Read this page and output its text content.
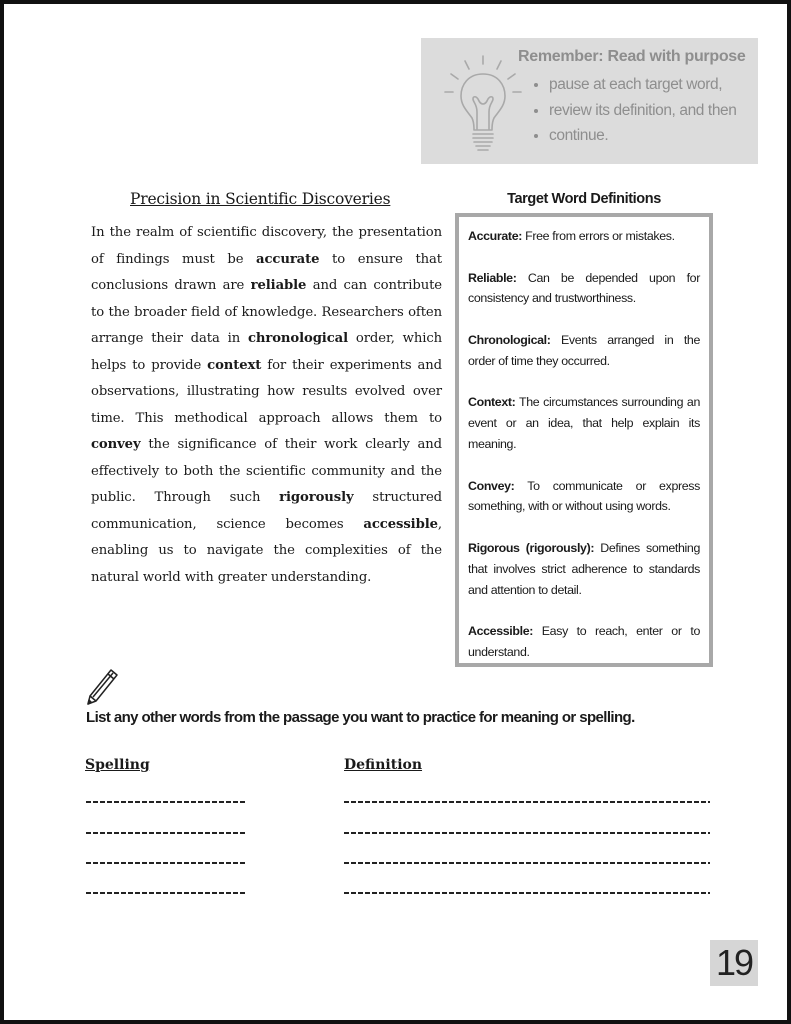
Remember: Read with purpose
• pause at each target word,
• review its definition, and then
• continue.
Precision in Scientific Discoveries
In the realm of scientific discovery, the presentation of findings must be accurate to ensure that conclusions drawn are reliable and can contribute to the broader field of knowledge. Researchers often arrange their data in chronological order, which helps to provide context for their experiments and observations, illustrating how results evolved over time. This methodical approach allows them to convey the significance of their work clearly and effectively to both the scientific community and the public. Through such rigorously structured communication, science becomes accessible, enabling us to navigate the complexities of the natural world with greater understanding.
Target Word Definitions
Accurate: Free from errors or mistakes.
Reliable: Can be depended upon for consistency and trustworthiness.
Chronological: Events arranged in the order of time they occurred.
Context: The circumstances surrounding an event or an idea, that help explain its meaning.
Convey: To communicate or express something, with or without using words.
Rigorous (rigorously): Defines something that involves strict adherence to standards and attention to detail.
Accessible: Easy to reach, enter or to understand.
List any other words from the passage you want to practice for meaning or spelling.
Spelling	Definition
19
